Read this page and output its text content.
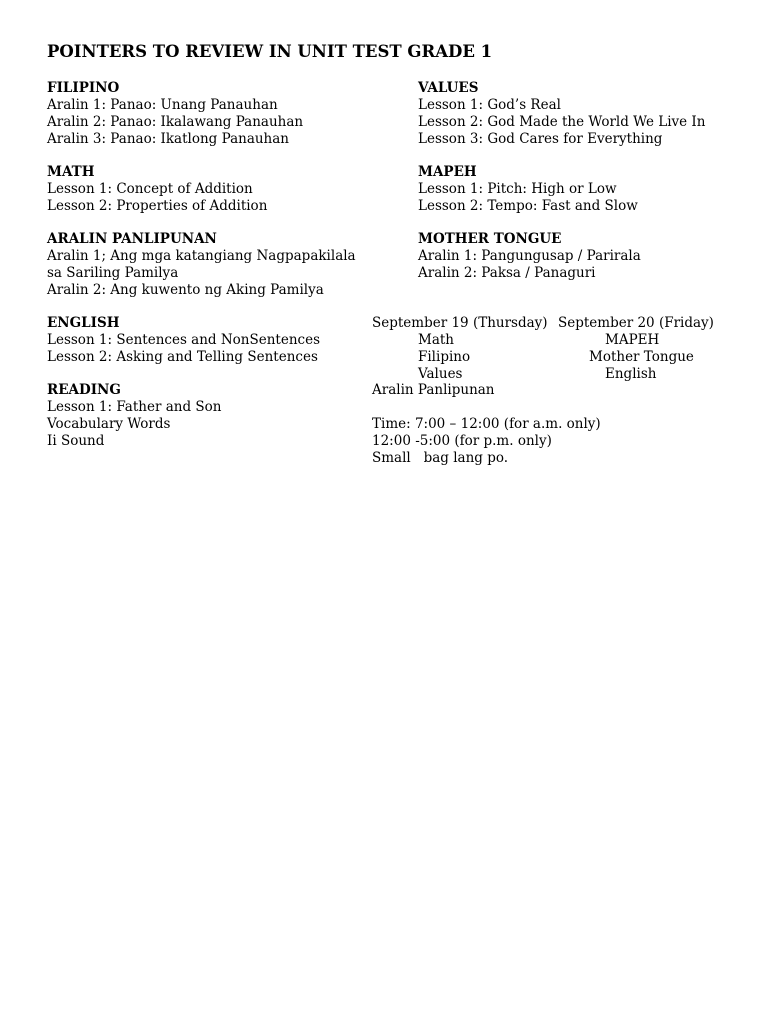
POINTERS TO REVIEW IN UNIT TEST GRADE 1
FILIPINO
Aralin 1: Panao: Unang Panauhan
Aralin 2: Panao: Ikalawang Panauhan
Aralin 3: Panao: Ikatlong Panauhan
VALUES
Lesson 1: God’s Real
Lesson 2: God Made the World We Live In
Lesson 3: God Cares for Everything
MATH
Lesson 1: Concept of Addition
Lesson 2: Properties of Addition
MAPEH
Lesson 1: Pitch: High or Low
Lesson 2: Tempo: Fast and Slow
ARALIN PANLIPUNAN
Aralin 1; Ang mga katangiang Nagpapakilala
sa Sariling Pamilya
Aralin 2: Ang kuwento ng Aking Pamilya
MOTHER TONGUE
Aralin 1: Pangungusap / Parirala
Aralin 2: Paksa / Panaguri
ENGLISH
Lesson 1: Sentences and NonSentences
Lesson 2: Asking and Telling Sentences
READING
Lesson 1: Father and Son
Vocabulary Words
Ii Sound
September 19 (Thursday)
Math
Filipino
Values
Aralin Panlipunan
September 20 (Friday)
MAPEH
Mother Tongue
English
Time: 7:00 – 12:00 (for a.m. only)
12:00 -5:00 (for p.m. only)
Small   bag lang po.
